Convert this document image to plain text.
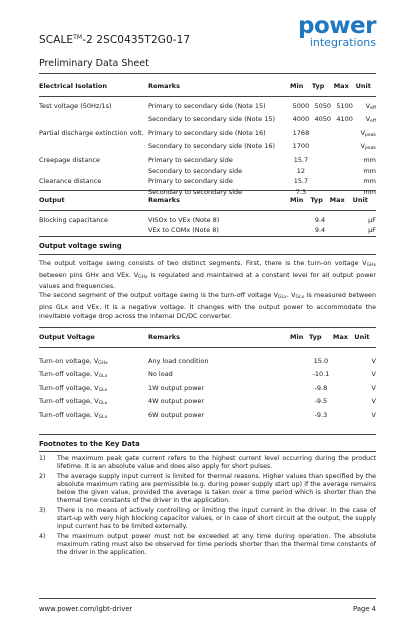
SCALE™-2 2SC0435T2G0-17
power
integrations
Preliminary Data Sheet
Electrical Isolation	Remarks	Min	Typ	Max	Unit
Test voltage (50Hz/1s)	Primary to secondary side (Note 15)	5000	5050	5100	$V_{eff}$
	Secondary to secondary side (Note 15)	4000	4050	4100	$V_{eff}$
Partial discharge extinction volt.	Primary to secondary side (Note 16)	1768			$V_{peak}$
	Secondary to secondary side (Note 16)	1700			$V_{peak}$
Creepage distance	Primary to secondary side	15.7			mm
	Secondary to secondary side	12			mm
Clearance distance	Primary to secondary side	15.7			mm
	Secondary to secondary side	7.3			mm
Output	Remarks	Min	Typ	Max	Unit
Blocking capacitance	VISOx to VEx (Note 8)		9.4		µF
	VEx to COMx (Note 8)		9.4		µF
Output voltage swing
The output voltage swing consists of two distinct segments. First, there is the turn-on voltage $V_{GHx}$ between pins GHx and VEx. $V_{GHx}$ is regulated and maintained at a constant level for all output power values and frequencies.
The second segment of the output voltage swing is the turn-off voltage $V_{GLx}$. $V_{GLx}$ is measured between pins GLx and VEx. It is a negative voltage. It changes with the output power to accommodate the inevitable voltage drop across the internal DC/DC converter.
Output Voltage	Remarks	Min	Typ	Max	Unit
Turn-on voltage, $V_{GHx}$	Any load condition		15.0		V
Turn-off voltage, $V_{GLx}$	No load		-10.1		V
Turn-off voltage, $V_{GLx}$	1W output power		-9.8		V
Turn-off voltage, $V_{GLx}$	4W output power		-9.5		V
Turn-off voltage, $V_{GLx}$	6W output power		-9.3		V
Footnotes to the Key Data
1)	The maximum peak gate current refers to the highest current level occurring during the product lifetime. It is an absolute value and does also apply for short pulses.
2)	The average supply input current is limited for thermal reasons. Higher values than specified by the absolute maximum rating are permissible (e.g. during power supply start up) if the average remains below the given value, provided the average is taken over a time period which is shorter than the thermal time constants of the driver in the application.
3)	There is no means of actively controlling or limiting the input current in the driver. In the case of start-up with very high blocking capacitor values, or in case of short circuit at the output, the supply input current has to be limited externally.
4)	The maximum output power must not be exceeded at any time during operation. The absolute maximum rating must also be observed for time periods shorter than the thermal time constants of the driver in the application.
www.power.com/igbt-driver	Page 4
